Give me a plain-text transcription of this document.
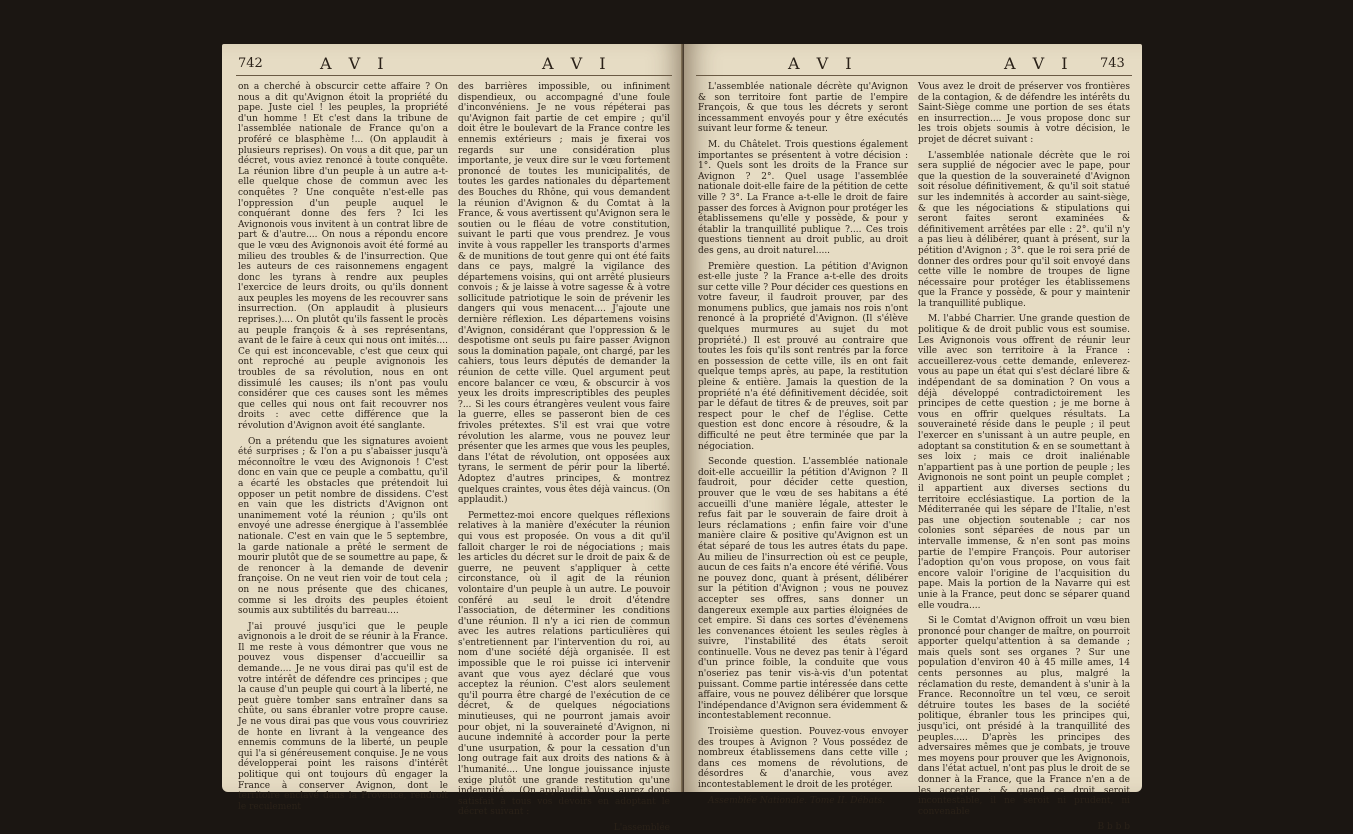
742	A V I	A V I

on a cherché à obscurcir cette affaire ? On nous a dit qu'Avignon étoit la propriété du pape. Juste ciel ! les peuples, la propriété d'un homme ! Et c'est dans la tribune de l'assemblée nationale de France qu'on a proféré ce blasphème !... (On applaudit à plusieurs reprises). On vous a dit que, par un décret, vous aviez renoncé à toute conquête. La réunion libre d'un peuple à un autre a-t-elle quelque chose de commun avec les conquêtes ? Une conquête n'est-elle pas l'oppression d'un peuple auquel le conquérant donne des fers ? Ici les Avignonois vous invitent à un contrat libre de part & d'autre.... On nous a répondu encore que le vœu des Avignonois avoit été formé au milieu des troubles & de l'insurrection. Que les auteurs de ces raisonnemens engagent donc les tyrans à rendre aux peuples l'exercice de leurs droits, ou qu'ils donnent aux peuples les moyens de les recouvrer sans insurrection. (On applaudit à plusieurs reprises.).... On plutôt qu'ils fassent le procès au peuple françois & à ses représentans, avant de le faire à ceux qui nous ont imités.... Ce qui est inconcevable, c'est que ceux qui ont reproché au peuple avignonois les troubles de sa révolution, nous en ont dissimulé les causes; ils n'ont pas voulu considérer que ces causes sont les mêmes que celles qui nous ont fait recouvrer nos droits : avec cette différence que la révolution d'Avignon avoit été sanglante.

On a prétendu que les signatures avoient été surprises ; & l'on a pu s'abaisser jusqu'à méconnoître le vœu des Avignonois ! C'est donc en vain que ce peuple a combattu, qu'il a écarté les obstacles que prétendoit lui opposer un petit nombre de dissidens. C'est en vain que les districts d'Avignon ont unanimement voté la réunion ; qu'ils ont envoyé une adresse énergique à l'assemblée nationale. C'est en vain que le 5 septembre, la garde nationale a prêté le serment de mourir plutôt que de se soumettre au pape, & de renoncer à la demande de devenir françoise. On ne veut rien voir de tout cela ; on ne nous présente que des chicanes, comme si les droits des peuples étoient soumis aux subtilités du barreau....

J'ai prouvé jusqu'ici que le peuple avignonois a le droit de se réunir à la France. Il me reste à vous démontrer que vous ne pouvez vous dispenser d'accueillir sa demande.... Je ne vous dirai pas qu'il est de votre intérêt de défendre ces principes ; que la cause d'un peuple qui court à la liberté, ne peut guère tomber sans entraîner dans sa chûte, ou sans ébranler votre propre cause. Je ne vous dirai pas que vous vous couvririez de honte en livrant à la vengeance des ennemis communs de la liberté, un peuple qui l'a si généreusement conquise. Je ne vous développerai point les raisons d'intérêt politique qui ont toujours dû engager la France à conserver Avignon, dont le territoire enclavé dans la Provence, rendroit le reculement

des barrières impossible, ou infiniment dispendieux, ou accompagné d'une foule d'inconvéniens. Je ne vous répéterai pas qu'Avignon fait partie de cet empire ; qu'il doit être le boulevart de la France contre les ennemis extérieurs ; mais je fixerai vos regards sur une considération plus importante, je veux dire sur le vœu fortement prononcé de toutes les municipalités, de toutes les gardes nationales du département des Bouches du Rhône, qui vous demandent la réunion d'Avignon & du Comtat à la France, & vous avertissent qu'Avignon sera le soutien ou le fléau de votre constitution, suivant le parti que vous prendrez. Je vous invite à vous rappeller les transports d'armes & de munitions de tout genre qui ont été faits dans ce pays, malgré la vigilance des départemens voisins, qui ont arrêté plusieurs convois ; & je laisse à votre sagesse & à votre sollicitude patriotique le soin de prévenir les dangers qui vous menacent.... J'ajoute une dernière réflexion. Les départemens voisins d'Avignon, considérant que l'oppression & le despotisme ont seuls pu faire passer Avignon sous la domination papale, ont chargé, par les cahiers, tous leurs députés de demander la réunion de cette ville. Quel argument peut encore balancer ce vœu, & obscurcir à vos yeux les droits imprescriptibles des peuples ?... Si les cours étrangères veulent vous faire la guerre, elles se passeront bien de ces frivoles prétextes. S'il est vrai que votre révolution les alarme, vous ne pouvez leur présenter que les armes que vous les peuples, dans l'état de révolution, ont opposées aux tyrans, le serment de périr pour la liberté. Adoptez d'autres principes, & montrez quelques craintes, vous êtes déjà vaincus. (On applaudit.)

Permettez-moi encore quelques réflexions relatives à la manière d'exécuter la réunion qui vous est proposée. On vous a dit qu'il falloit charger le roi de négociations ; mais les articles du décret sur le droit de paix & de guerre, ne peuvent s'appliquer à cette circonstance, où il agit de la réunion volontaire d'un peuple à un autre. Le pouvoir conféré au seul le droit d'étendre l'association, de déterminer les conditions d'une réunion. Il n'y a ici rien de commun avec les autres relations particulières qui s'entretiennent par l'intervention du roi, au nom d'une société déjà organisée. Il est impossible que le roi puisse ici intervenir avant que vous ayez déclaré que vous acceptez la réunion. C'est alors seulement qu'il pourra être chargé de l'exécution de ce décret, & de quelques négociations minutieuses, qui ne pourront jamais avoir pour objet, ni la souveraineté d'Avignon, ni aucune indemnité à accorder pour la perte d'une usurpation, & pour la cessation d'un long outrage fait aux droits des nations & à l'humanité.... Une longue jouissance injuste exige plutôt une grande restitution qu'une indemnité.... (On applaudit.) Vous aurez donc satisfait à tous vos devoirs en adoptant le décret suivant :

L'assemblée
A V I	A V I 743

L'assemblée nationale décrète qu'Avignon & son territoire font partie de l'empire François, & que tous les décrets y seront incessamment envoyés pour y être exécutés suivant leur forme & teneur.

M. du Châtelet. Trois questions également importantes se présentent à votre décision : 1°. Quels sont les droits de la France sur Avignon ? 2°. Quel usage l'assemblée nationale doit-elle faire de la pétition de cette ville ? 3°. La France a-t-elle le droit de faire passer des forces à Avignon pour protéger les établissemens qu'elle y possède, & pour y établir la tranquillité publique ?.... Ces trois questions tiennent au droit public, au droit des gens, au droit naturel.....

Première question. La pétition d'Avignon est-elle juste ? la France a-t-elle des droits sur cette ville ? Pour décider ces questions en votre faveur, il faudroit prouver, par des monumens publics, que jamais nos rois n'ont renoncé à la propriété d'Avignon. (Il s'élève quelques murmures au sujet du mot propriété.) Il est prouvé au contraire que toutes les fois qu'ils sont rentrés par la force en possession de cette ville, ils en ont fait quelque temps après, au pape, la restitution pleine & entière. Jamais la question de la propriété n'a été définitivement décidée, soit par le défaut de titres & de preuves, soit par respect pour le chef de l'église. Cette question est donc encore à résoudre, & la difficulté ne peut être terminée que par la négociation.

Seconde question. L'assemblée nationale doit-elle accueillir la pétition d'Avignon ? Il faudroit, pour décider cette question, prouver que le vœu de ses habitans a été accueilli d'une manière légale, attester le refus fait par le souverain de faire droit à leurs réclamations ; enfin faire voir d'une manière claire & positive qu'Avignon est un état séparé de tous les autres états du pape. Au milieu de l'insurrection où est ce peuple, aucun de ces faits n'a encore été vérifié. Vous ne pouvez donc, quant à présent, délibérer sur la pétition d'Avignon ; vous ne pouvez accepter ses offres, sans donner un dangereux exemple aux parties éloignées de cet empire. Si dans ces sortes d'événemens les convenances étoient les seules règles à suivre, l'instabilité des états seroit continuelle. Vous ne devez pas tenir à l'égard d'un prince foible, la conduite que vous n'oseriez pas tenir vis-à-vis d'un potentat puissant. Comme partie intéressée dans cette affaire, vous ne pouvez délibérer que lorsque l'indépendance d'Avignon sera évidemment & incontestablement reconnue.

Troisième question. Pouvez-vous envoyer des troupes à Avignon ? Vous possédez de nombreux établissemens dans cette ville ; dans ces momens de révolutions, de désordres & d'anarchie, vous avez incontestablement le droit de les protéger.

Assemblée Nationale. Tome II. Débats.

Vous avez le droit de préserver vos frontières de la contagion, & de défendre les intérêts du Saint-Siège comme une portion de ses états en insurrection.... Je vous propose donc sur les trois objets soumis à votre décision, le projet de décret suivant :

L'assemblée nationale décrète que le roi sera supplié de négocier avec le pape, pour que la question de la souveraineté d'Avignon soit résolue définitivement, & qu'il soit statué sur les indemnités à accorder au saint-siège, & que les négociations & stipulations qui seront faites seront examinées & définitivement arrêtées par elle : 2°. qu'il n'y a pas lieu à délibérer, quant à présent, sur la pétition d'Avignon ; 3°. que le roi sera prié de donner des ordres pour qu'il soit envoyé dans cette ville le nombre de troupes de ligne nécessaire pour protéger les établissemens que la France y possède, & pour y maintenir la tranquillité publique.

M. l'abbé Charrier. Une grande question de politique & de droit public vous est soumise. Les Avignonois vous offrent de réunir leur ville avec son territoire à la France : accueillerez-vous cette demande, enleverez-vous au pape un état qui s'est déclaré libre & indépendant de sa domination ? On vous a déjà développé contradictoirement les principes de cette question ; je me borne à vous en offrir quelques résultats. La souveraineté réside dans le peuple ; il peut l'exercer en s'unissant à un autre peuple, en adoptant sa constitution & en se soumettant à ses loix ; mais ce droit inaliénable n'appartient pas à une portion de peuple ; les Avignonois ne sont point un peuple complet ; il appartient aux diverses sections du territoire ecclésiastique. La portion de la Méditerranée qui les sépare de l'Italie, n'est pas une objection soutenable ; car nos colonies sont séparées de nous par un intervalle immense, & n'en sont pas moins partie de l'empire François. Pour autoriser l'adoption qu'on vous propose, on vous fait encore valoir l'origine de l'acquisition du pape. Mais la portion de la Navarre qui est unie à la France, peut donc se séparer quand elle voudra....

Si le Comtat d'Avignon offroit un vœu bien prononcé pour changer de maître, on pourroit apporter quelqu'attention à sa demande ; mais quels sont ses organes ? Sur une population d'environ 40 à 45 mille ames, 14 cents personnes au plus, malgré la réclamation du reste, demandent à s'unir à la France. Reconnoître un tel vœu, ce seroit détruire toutes les bases de la société politique, ébranler tous les principes qui, jusqu'ici, ont présidé à la tranquillité des peuples..... D'après les principes des adversaires mêmes que je combats, je trouve mes moyens pour prouver que les Avignonois, dans l'état actuel, n'ont pas plus le droit de se donner à la France, que la France n'en a de les accepter ; & quand ce droit seroit incontestable, il ne seroit ni prudent, ni convenable

B b b b
